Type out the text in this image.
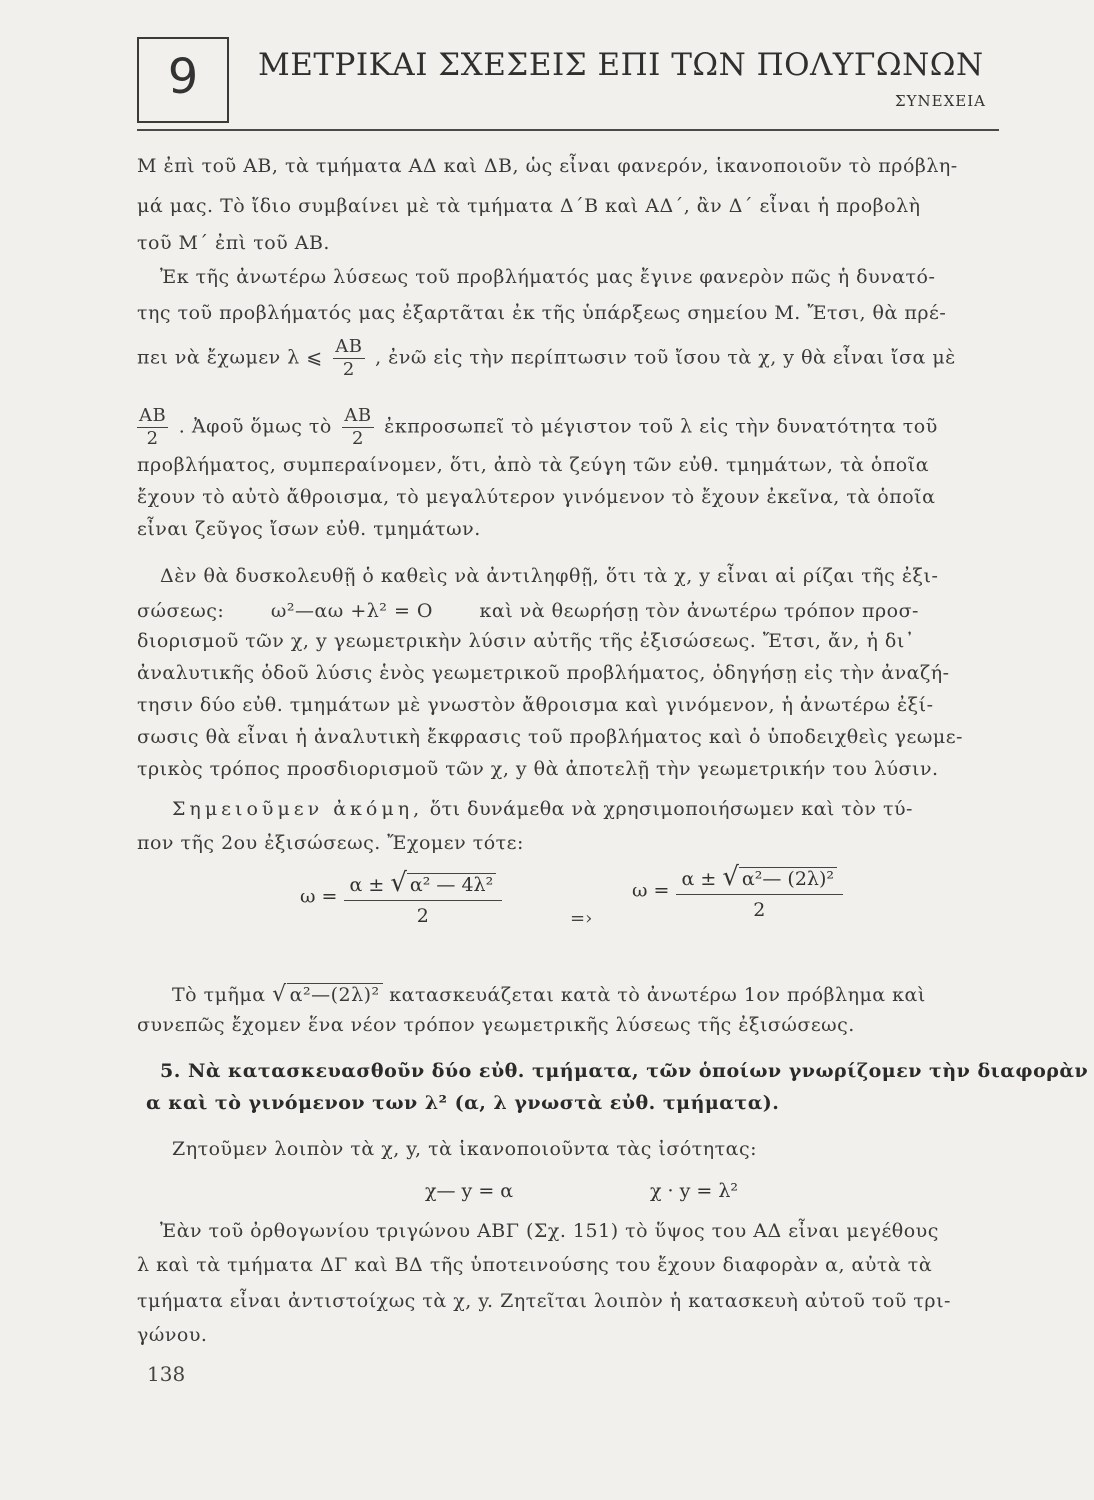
9	ΜΕΤΡΙΚΑΙ ΣΧΕΣΕΙΣ ΕΠΙ ΤΩΝ ΠΟΛΥΓΩΝΩΝ
ΣΥΝΕΧΕΙΑ
Μ ἐπὶ τοῦ ΑΒ, τὰ τμήματα ΑΔ καὶ ΔΒ, ὡς εἶναι φανερόν, ἱκανοποιοῦν τὸ πρόβλη-
μά μας. Τὸ ἴδιο συμβαίνει μὲ τὰ τμήματα Δ΄Β καὶ ΑΔ΄, ἂν Δ΄ εἶναι ἡ προβολὴ
τοῦ Μ΄ ἐπὶ τοῦ ΑΒ.
Ἐκ τῆς ἀνωτέρω λύσεως τοῦ προβλήματός μας ἔγινε φανερὸν πῶς ἡ δυνατό-
της τοῦ προβλήματός μας ἐξαρτᾶται ἐκ τῆς ὑπάρξεως σημείου Μ. Ἔτσι, θὰ πρέ-
πει νὰ ἔχωμεν λ ⩽ $\frac{AB}{2}$ , ἐνῶ εἰς τὴν περίπτωσιν τοῦ ἴσου τὰ χ, y θὰ εἶναι ἴσα μὲ
$\frac{AB}{2}$ . Ἀφοῦ ὅμως τὸ $\frac{AB}{2}$ ἐκπροσωπεῖ τὸ μέγιστον τοῦ λ εἰς τὴν δυνατότητα τοῦ
προβλήματος, συμπεραίνομεν, ὅτι, ἀπὸ τὰ ζεύγη τῶν εὐθ. τμημάτων, τὰ ὁποῖα
ἔχουν τὸ αὐτὸ ἄθροισμα, τὸ μεγαλύτερον γινόμενον τὸ ἔχουν ἐκεῖνα, τὰ ὁποῖα
εἶναι ζεῦγος ἴσων εὐθ. τμημάτων.
Δὲν θὰ δυσκολευθῇ ὁ καθεὶς νὰ ἀντιληφθῇ, ὅτι τὰ χ, y εἶναι αἱ ρίζαι τῆς ἐξι-
σώσεως: ω²—αω +λ² = Ο καὶ νὰ θεωρήσῃ τὸν ἀνωτέρω τρόπον προσ-
διορισμοῦ τῶν χ, y γεωμετρικὴν λύσιν αὐτῆς τῆς ἐξισώσεως. Ἔτσι, ἄν, ἡ δι᾽
ἀναλυτικῆς ὁδοῦ λύσις ἑνὸς γεωμετρικοῦ προβλήματος, ὁδηγήσῃ εἰς τὴν ἀναζή-
τησιν δύο εὐθ. τμημάτων μὲ γνωστὸν ἄθροισμα καὶ γινόμενον, ἡ ἀνωτέρω ἐξί-
σωσις θὰ εἶναι ἡ ἀναλυτικὴ ἔκφρασις τοῦ προβλήματος καὶ ὁ ὑποδειχθεὶς γεωμε-
τρικὸς τρόπος προσδιορισμοῦ τῶν χ, y θὰ ἀποτελῇ τὴν γεωμετρικήν του λύσιν.
Σημειοῦμεν ἀκόμη, ὅτι δυνάμεθα νὰ χρησιμοποιήσωμεν καὶ τὸν τύ-
πον τῆς 2ου ἐξισώσεως. Ἔχομεν τότε:
$\omega = \frac{\text{α ± √ α² — 4λ²}}{2}$	=›
$\omega = \frac{\text{α ± √ α²— (2λ)²}}{2}$
Τὸ τμῆμα √ α²—(2λ)² κατασκευάζεται κατὰ τὸ ἀνωτέρω 1ον πρόβλημα καὶ
συνεπῶς ἔχομεν ἕνα νέον τρόπον γεωμετρικῆς λύσεως τῆς ἐξισώσεως.
5. Νὰ κατασκευασθοῦν δύο εὐθ. τμήματα, τῶν ὁποίων γνωρίζομεν τὴν διαφορὰν
α καὶ τὸ γινόμενον των λ² (α, λ γνωστὰ εὐθ. τμήματα).
Ζητοῦμεν λοιπὸν τὰ χ, y, τὰ ἱκανοποιοῦντα τὰς ἰσότητας:
χ— y = α	χ · y = λ²
Ἐὰν τοῦ ὀρθογωνίου τριγώνου ΑΒΓ (Σχ. 151) τὸ ὕψος του ΑΔ εἶναι μεγέθους
λ καὶ τὰ τμήματα ΔΓ καὶ ΒΔ τῆς ὑποτεινούσης του ἔχουν διαφορὰν α, αὐτὰ τὰ
τμήματα εἶναι ἀντιστοίχως τὰ χ, y. Ζητεῖται λοιπὸν ἡ κατασκευὴ αὐτοῦ τοῦ τρι-
γώνου.
138
